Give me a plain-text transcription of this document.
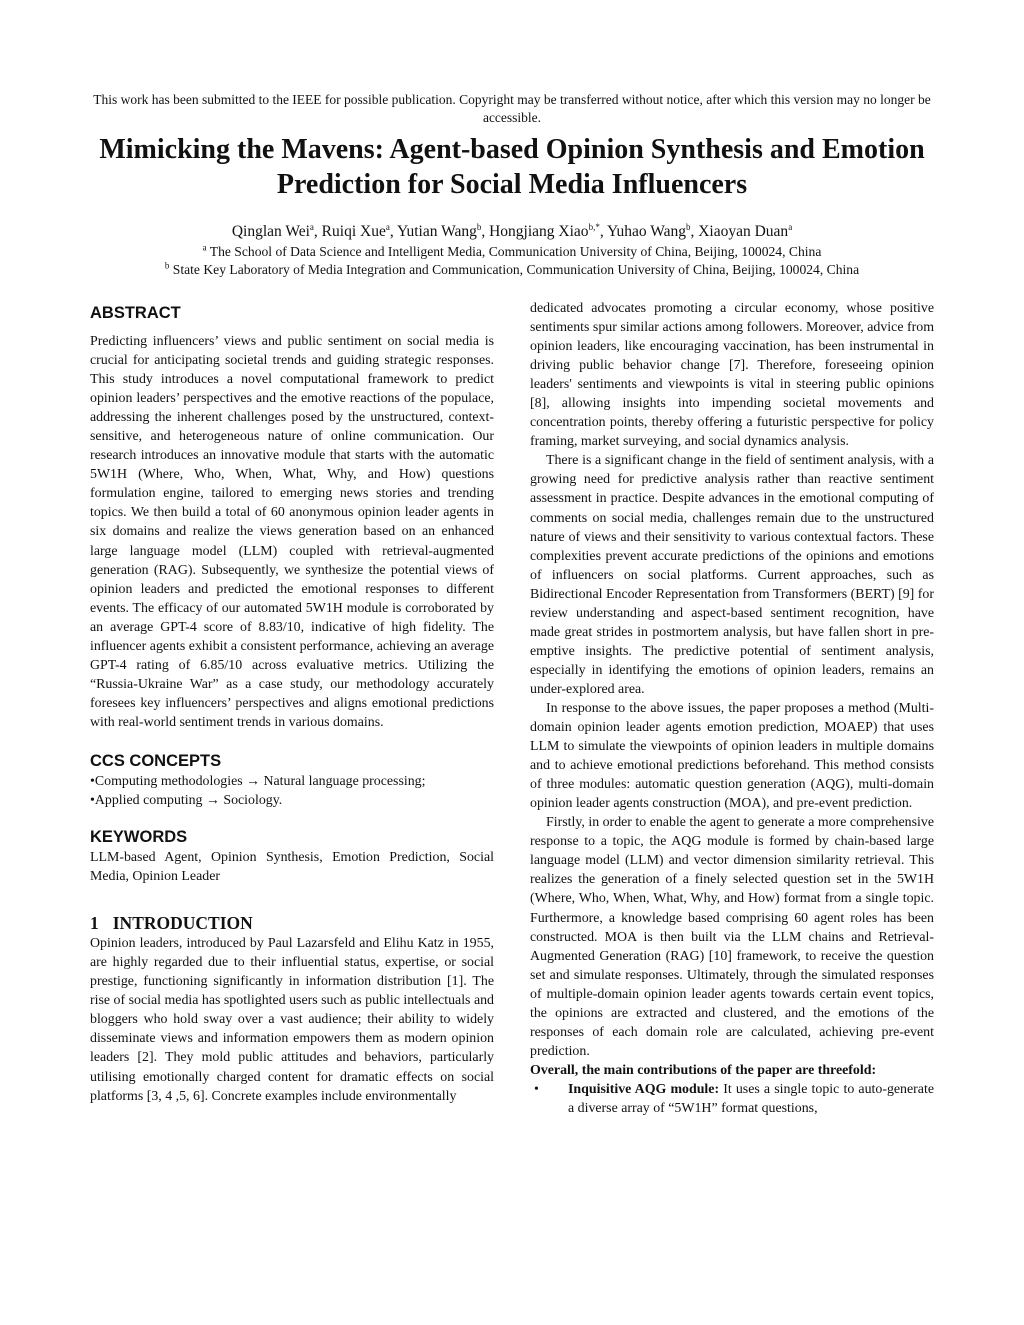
This work has been submitted to the IEEE for possible publication. Copyright may be transferred without notice, after which this version may no longer be accessible.
Mimicking the Mavens: Agent-based Opinion Synthesis and Emotion Prediction for Social Media Influencers
Qinglan Wei$^a$, Ruiqi Xue$^a$, Yutian Wang$^b$, Hongjiang Xiao$^{b,*}$, Yuhao Wang$^b$, Xiaoyan Duan$^a$
$^a$ The School of Data Science and Intelligent Media, Communication University of China, Beijing, 100024, China
$^b$ State Key Laboratory of Media Integration and Communication, Communication University of China, Beijing, 100024, China
ABSTRACT

Predicting influencers’ views and public sentiment on social media is crucial for anticipating societal trends and guiding strategic responses. This study introduces a novel computational framework to predict opinion leaders’ perspectives and the emotive reactions of the populace, addressing the inherent challenges posed by the unstructured, context-sensitive, and heterogeneous nature of online communication. Our research introduces an innovative module that starts with the automatic 5W1H (Where, Who, When, What, Why, and How) questions formulation engine, tailored to emerging news stories and trending topics. We then build a total of 60 anonymous opinion leader agents in six domains and realize the views generation based on an enhanced large language model (LLM) coupled with retrieval-augmented generation (RAG). Subsequently, we synthesize the potential views of opinion leaders and predicted the emotional responses to different events. The efficacy of our automated 5W1H module is corroborated by an average GPT-4 score of 8.83/10, indicative of high fidelity. The influencer agents exhibit a consistent performance, achieving an average GPT-4 rating of 6.85/10 across evaluative metrics. Utilizing the “Russia-Ukraine War” as a case study, our methodology accurately foresees key influencers’ perspectives and aligns emotional predictions with real-world sentiment trends in various domains.

CCS CONCEPTS

•Computing methodologies → Natural language processing;

•Applied computing → Sociology.

KEYWORDS

LLM-based Agent, Opinion Synthesis, Emotion Prediction, Social Media, Opinion Leader

1 INTRODUCTION

Opinion leaders, introduced by Paul Lazarsfeld and Elihu Katz in 1955, are highly regarded due to their influential status, expertise, or social prestige, functioning significantly in information distribution [1]. The rise of social media has spotlighted users such as public intellectuals and bloggers who hold sway over a vast audience; their ability to widely disseminate views and information empowers them as modern opinion leaders [2]. They mold public attitudes and behaviors, particularly utilising emotionally charged content for dramatic effects on social platforms [3, 4 ,5, 6]. Concrete examples include environmentally

dedicated advocates promoting a circular economy, whose positive sentiments spur similar actions among followers. Moreover, advice from opinion leaders, like encouraging vaccination, has been instrumental in driving public behavior change [7]. Therefore, foreseeing opinion leaders' sentiments and viewpoints is vital in steering public opinions [8], allowing insights into impending societal movements and concentration points, thereby offering a futuristic perspective for policy framing, market surveying, and social dynamics analysis.

There is a significant change in the field of sentiment analysis, with a growing need for predictive analysis rather than reactive sentiment assessment in practice. Despite advances in the emotional computing of comments on social media, challenges remain due to the unstructured nature of views and their sensitivity to various contextual factors. These complexities prevent accurate predictions of the opinions and emotions of influencers on social platforms. Current approaches, such as Bidirectional Encoder Representation from Transformers (BERT) [9] for review understanding and aspect-based sentiment recognition, have made great strides in postmortem analysis, but have fallen short in pre-emptive insights. The predictive potential of sentiment analysis, especially in identifying the emotions of opinion leaders, remains an under-explored area.

In response to the above issues, the paper proposes a method (Multi-domain opinion leader agents emotion prediction, MOAEP) that uses LLM to simulate the viewpoints of opinion leaders in multiple domains and to achieve emotional predictions beforehand. This method consists of three modules: automatic question generation (AQG), multi-domain opinion leader agents construction (MOA), and pre-event prediction.

Firstly, in order to enable the agent to generate a more comprehensive response to a topic, the AQG module is formed by chain-based large language model (LLM) and vector dimension similarity retrieval. This realizes the generation of a finely selected question set in the 5W1H (Where, Who, When, What, Why, and How) format from a single topic. Furthermore, a knowledge based comprising 60 agent roles has been constructed. MOA is then built via the LLM chains and Retrieval-Augmented Generation (RAG) [10] framework, to receive the question set and simulate responses. Ultimately, through the simulated responses of multiple-domain opinion leader agents towards certain event topics, the opinions are extracted and clustered, and the emotions of the responses of each domain role are calculated, achieving pre-event prediction.

Overall, the main contributions of the paper are threefold:

•	Inquisitive AQG module: It uses a single topic to auto-generate a diverse array of “5W1H” format questions,
